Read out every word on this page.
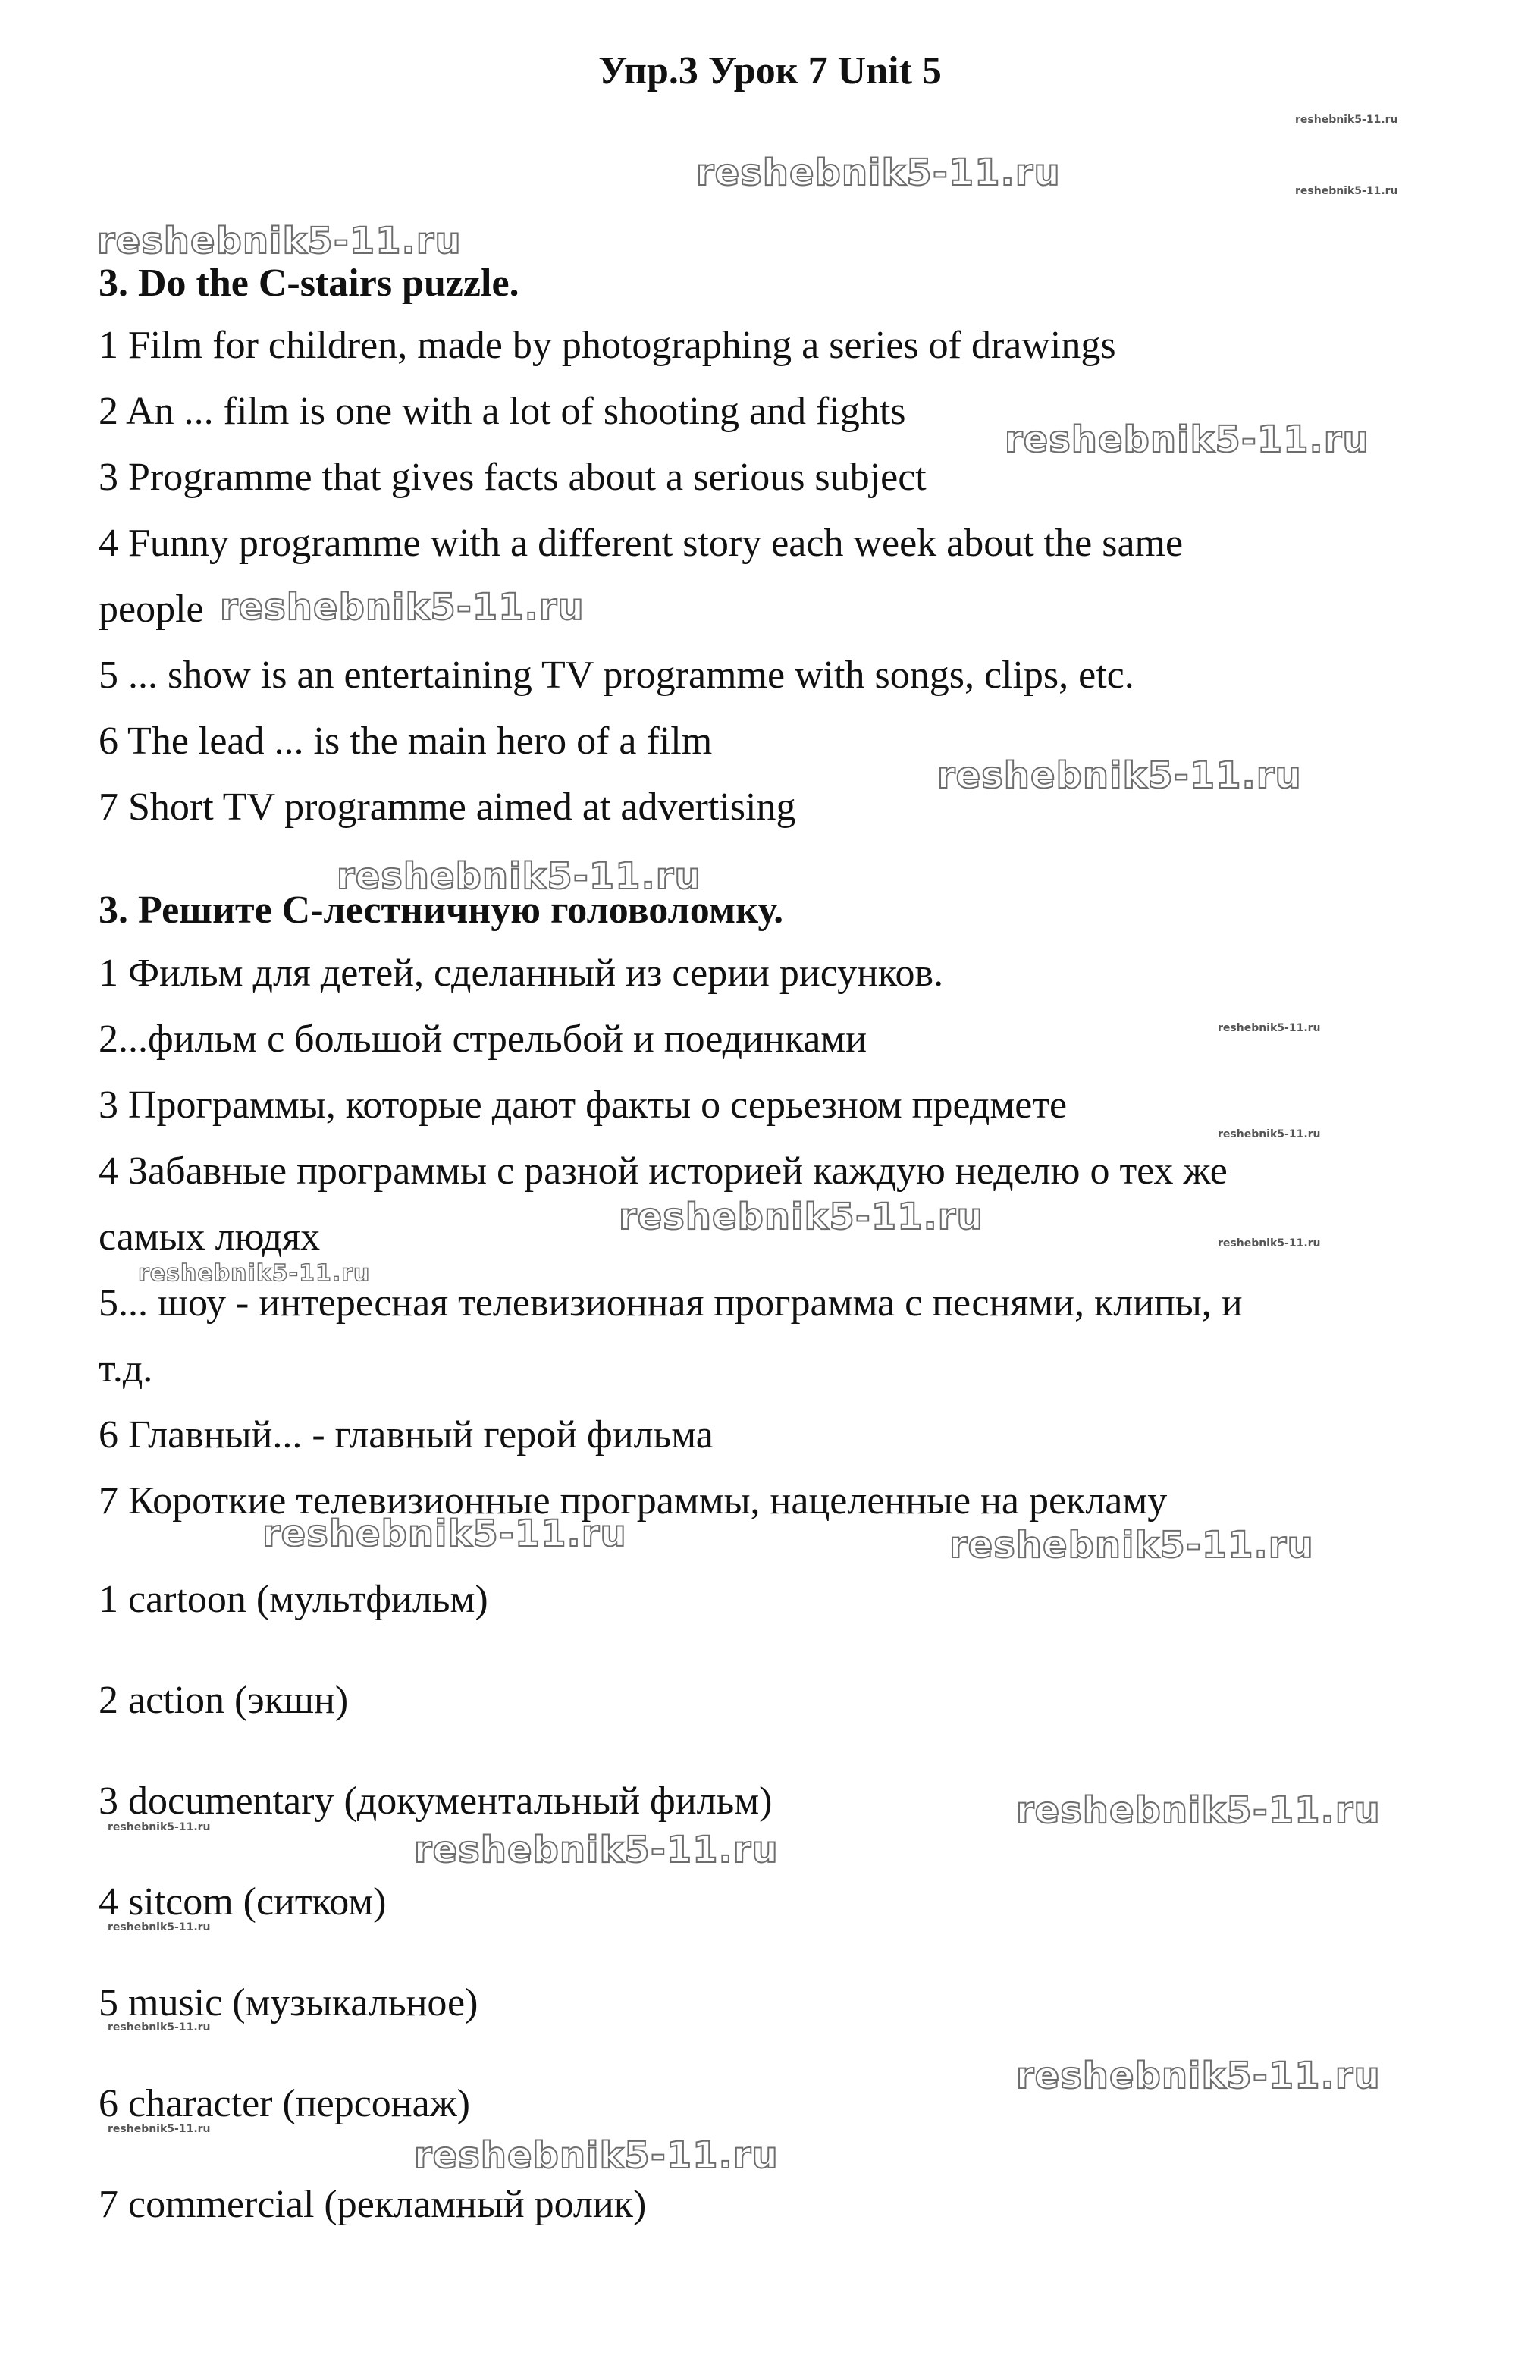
Упр.3 Урок 7 Unit 5
reshebnik5-11.ru
reshebnik5-11.ru	reshebnik5-11.ru
reshebnik5-11.ru
reshebnik5-11.ru
reshebnik5-11.ru
reshebnik5-11.ru
reshebnik5-11.ru
reshebnik5-11.ru
reshebnik5-11.ru
reshebnik5-11.ru
reshebnik5-11.ru
reshebnik5-11.ru
reshebnik5-11.ru	reshebnik5-11.ru
reshebnik5-11.ru
reshebnik5-11.ru
reshebnik5-11.ru
reshebnik5-11.ru
reshebnik5-11.ru
reshebnik5-11.ru
reshebnik5-11.ru
reshebnik5-11.ru
3. Do the C-stairs puzzle.
1 Film for children, made by photographing a series of drawings
2 An ... film is one with a lot of shooting and fights
3 Programme that gives facts about a serious subject
4 Funny programme with a different story each week about the same
people
5 ... show is an entertaining TV programme with songs, clips, etc.
6 The lead ... is the main hero of a film
7 Short TV programme aimed at advertising
3. Решите С-лестничную головоломку.
1 Фильм для детей, сделанный из серии рисунков.
2...фильм с большой стрельбой и поединками
3 Программы, которые дают факты о серьезном предмете
4 Забавные программы с разной историей каждую неделю о тех же
самых людях
5... шоу - интересная телевизионная программа с песнями, клипы, и
т.д.
6 Главный... - главный герой фильма
7 Короткие телевизионные программы, нацеленные на рекламу
1 cartoon (мультфильм)
2 action (экшн)
3 documentary (документальный фильм)
4 sitcom (ситком)
5 music (музыкальное)
6 character (персонаж)
7 commercial (рекламный ролик)
